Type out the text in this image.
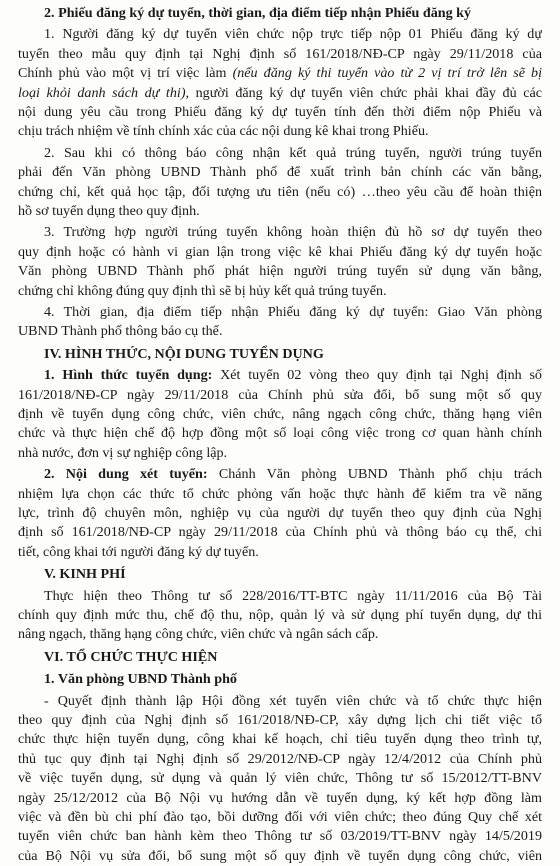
2. Phiếu đăng ký dự tuyển, thời gian, địa điểm tiếp nhận Phiếu đăng ký
1. Người đăng ký dự tuyển viên chức nộp trực tiếp nộp 01 Phiếu đăng ký dự
tuyển theo mẫu quy định tại Nghị định số 161/2018/NĐ-CP ngày 29/11/2018 của
Chính phủ vào một vị trí việc làm (nếu đăng ký thi tuyển vào từ 2 vị trí trở lên sẽ bị
loại khỏi danh sách dự thi), người đăng ký dự tuyển viên chức phải khai đầy đủ các
nội dung yêu cầu trong Phiếu đăng ký dự tuyển tính đến thời điểm nộp Phiếu và
chịu trách nhiệm về tính chính xác của các nội dung kê khai trong Phiếu.
2. Sau khi có thông báo công nhận kết quả trúng tuyển, người trúng tuyển
phải đến Văn phòng UBND Thành phố để xuất trình bản chính các văn bằng,
chứng chỉ, kết quả học tập, đối tượng ưu tiên (nếu có) …theo yêu cầu để hoàn thiện
hồ sơ tuyển dụng theo quy định.
3. Trường hợp người trúng tuyển không hoàn thiện đủ hồ sơ dự tuyển theo
quy định hoặc có hành vi gian lận trong việc kê khai Phiếu đăng ký dự tuyển hoặc
Văn phòng UBND Thành phố phát hiện người trúng tuyển sử dụng văn bằng,
chứng chỉ không đúng quy định thì sẽ bị hủy kết quả trúng tuyển.
4. Thời gian, địa điểm tiếp nhận Phiếu đăng ký dự tuyển: Giao Văn phòng
UBND Thành phố thông báo cụ thể.
IV. HÌNH THỨC, NỘI DUNG TUYỂN DỤNG
1. Hình thức tuyển dụng: Xét tuyển 02 vòng theo quy định tại Nghị định số
161/2018/NĐ-CP ngày 29/11/2018 của Chính phủ sửa đổi, bổ sung một số quy
định về tuyển dụng công chức, viên chức, nâng ngạch công chức, thăng hạng viên
chức và thực hiện chế độ hợp đồng một số loại công việc trong cơ quan hành chính
nhà nước, đơn vị sự nghiệp công lập.
2. Nội dung xét tuyển: Chánh Văn phòng UBND Thành phố chịu trách
nhiệm lựa chọn các thức tổ chức phỏng vấn hoặc thực hành để kiểm tra về năng
lực, trình độ chuyên môn, nghiệp vụ của người dự tuyển theo quy định của Nghị
định số 161/2018/NĐ-CP ngày 29/11/2018 của Chính phủ và thông báo cụ thể, chi
tiết, công khai tới người đăng ký dự tuyển.
V. KINH PHÍ
Thực hiện theo Thông tư số 228/2016/TT-BTC ngày 11/11/2016 của Bộ Tài
chính quy định mức thu, chế độ thu, nộp, quản lý và sử dụng phí tuyển dụng, dự thi
nâng ngạch, thăng hạng công chức, viên chức và ngân sách cấp.
VI. TỔ CHỨC THỰC HIỆN
1. Văn phòng UBND Thành phố
- Quyết định thành lập Hội đồng xét tuyển viên chức và tổ chức thực hiện
theo quy định của Nghị định số 161/2018/NĐ-CP, xây dựng lịch chi tiết việc tổ
chức thực hiện tuyển dụng, công khai kế hoạch, chỉ tiêu tuyển dụng theo trình tự,
thủ tục quy định tại Nghị định số 29/2012/NĐ-CP ngày 12/4/2012 của Chính phủ
về việc tuyển dụng, sử dụng và quản lý viên chức, Thông tư số 15/2012/TT-BNV
ngày 25/12/2012 của Bộ Nội vụ hướng dẫn về tuyển dụng, ký kết hợp đồng làm
việc và đền bù chi phí đào tạo, bồi dưỡng đối với viên chức; theo đúng Quy chế xét
tuyển viên chức ban hành kèm theo Thông tư số 03/2019/TT-BNV ngày 14/5/2019
của Bộ Nội vụ sửa đổi, bổ sung một số quy định về tuyển dụng công chức, viên
